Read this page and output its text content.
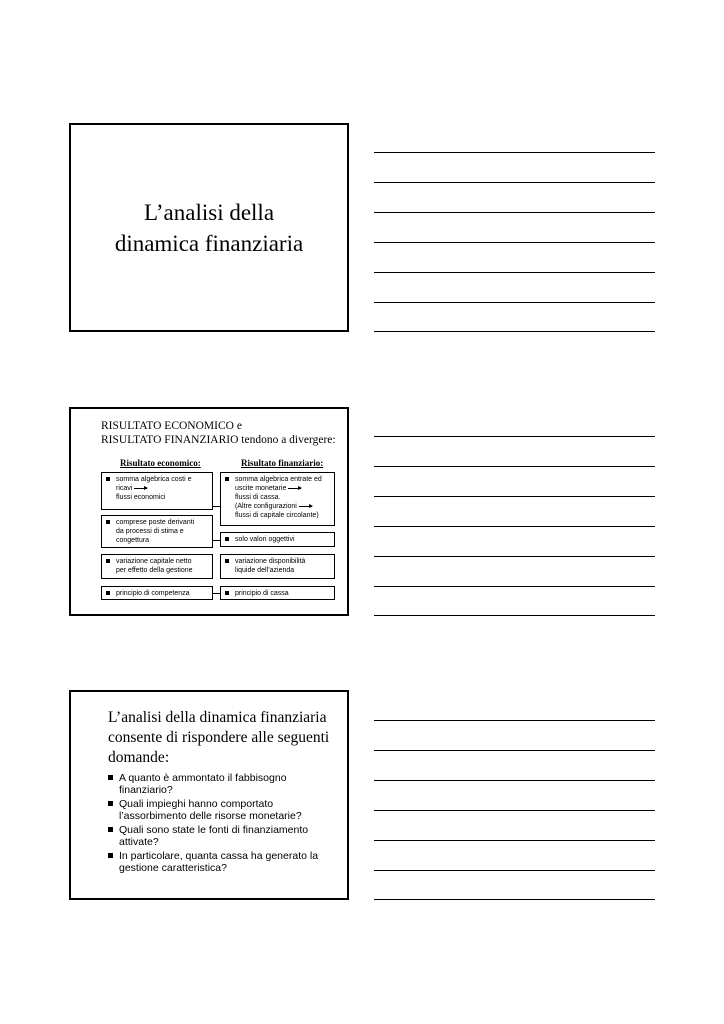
L’analisi della
dinamica finanziaria
RISULTATO ECONOMICO e
RISULTATO FINANZIARIO tendono a divergere:
Risultato economico:	Risultato finanziario:
somma algebrica costi e
ricavi
flussi economici
comprese poste derivanti
da processi di stima e
congettura
variazione capitale netto
per effetto della gestione
principio di competenza
somma algebrica entrate ed
uscite monetarie
flussi di cassa.
(Altre configurazioni
flussi di capitale circolante)
solo valori oggettivi
variazione disponibilità
liquide dell’azienda
principio di cassa
L’analisi della dinamica finanziaria
consente di rispondere alle seguenti
domande:
A quanto è ammontato il fabbisogno
finanziario?
Quali impieghi hanno comportato
l’assorbimento delle risorse monetarie?
Quali sono state le fonti di finanziamento
attivate?
In particolare, quanta cassa ha generato la
gestione caratteristica?
